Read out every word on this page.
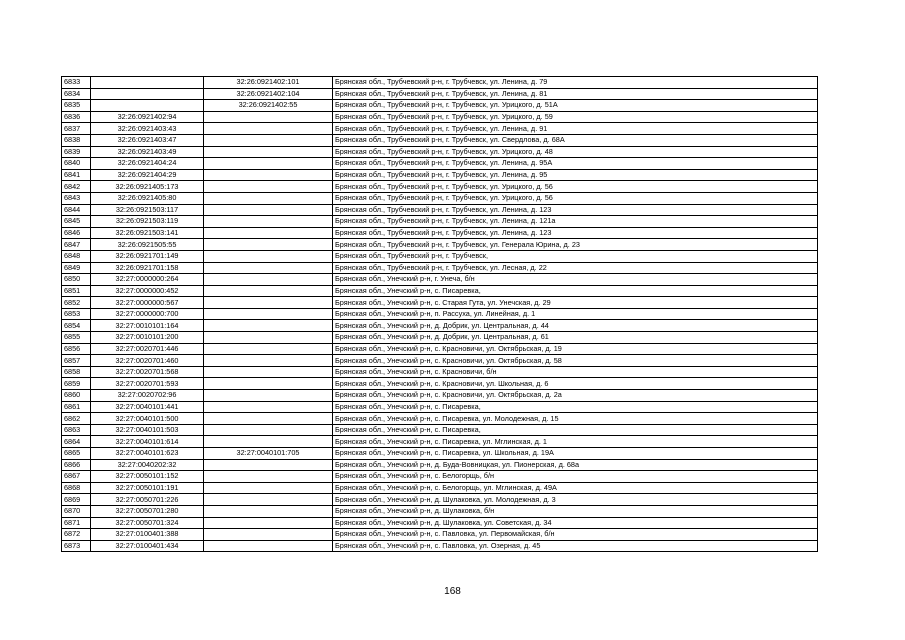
6833		32:26:0921402:101	Брянская обл., Трубчевский р-н, г. Трубчевск, ул. Ленина, д. 79
6834		32:26:0921402:104	Брянская обл., Трубчевский р-н, г. Трубчевск, ул. Ленина, д. 81
6835		32:26:0921402:55	Брянская обл., Трубчевский р-н, г. Трубчевск, ул. Урицкого, д. 51А
6836	32:26:0921402:94		Брянская обл., Трубчевский р-н, г. Трубчевск, ул. Урицкого, д. 59
6837	32:26:0921403:43		Брянская обл., Трубчевский р-н, г. Трубчевск, ул. Ленина, д. 91
6838	32:26:0921403:47		Брянская обл., Трубчевский р-н, г. Трубчевск, ул. Свердлова, д. 68А
6839	32:26:0921403:49		Брянская обл., Трубчевский р-н, г. Трубчевск, ул. Урицкого, д. 48
6840	32:26:0921404:24		Брянская обл., Трубчевский р-н, г. Трубчевск, ул. Ленина, д. 95А
6841	32:26:0921404:29		Брянская обл., Трубчевский р-н, г. Трубчевск, ул. Ленина, д. 95
6842	32:26:0921405:173		Брянская обл., Трубчевский р-н, г. Трубчевск, ул. Урицкого, д. 56
6843	32:26:0921405:80		Брянская обл., Трубчевский р-н, г. Трубчевск, ул. Урицкого, д. 56
6844	32:26:0921503:117		Брянская обл., Трубчевский р-н, г. Трубчевск, ул. Ленина, д. 123
6845	32:26:0921503:119		Брянская обл., Трубчевский р-н, г. Трубчевск, ул. Ленина, д. 121а
6846	32:26:0921503:141		Брянская обл., Трубчевский р-н, г. Трубчевск, ул. Ленина, д. 123
6847	32:26:0921505:55		Брянская обл., Трубчевский р-н, г. Трубчевск, ул. Генерала Юрина, д. 23
6848	32:26:0921701:149		Брянская обл., Трубчевский р-н, г. Трубчевск,
6849	32:26:0921701:158		Брянская обл., Трубчевский р-н, г. Трубчевск, ул. Лесная, д. 22
6850	32:27:0000000:264		Брянская обл., Унечский р-н, г. Унеча, б/н
6851	32:27:0000000:452		Брянская обл., Унечский р-н, с. Писаревка,
6852	32:27:0000000:567		Брянская обл., Унечский р-н, с. Старая Гута, ул. Унечская, д. 29
6853	32:27:0000000:700		Брянская обл., Унечский р-н, п. Рассуха, ул. Линейная, д. 1
6854	32:27:0010101:164		Брянская обл., Унечский р-н, д. Добрик, ул. Центральная, д. 44
6855	32:27:0010101:200		Брянская обл., Унечский р-н, д. Добрик, ул. Центральная, д. 61
6856	32:27:0020701:446		Брянская обл., Унечский р-н, с. Красновичи, ул. Октябрьская, д. 19
6857	32:27:0020701:460		Брянская обл., Унечский р-н, с. Красновичи, ул. Октябрьская, д. 58
6858	32:27:0020701:568		Брянская обл., Унечский р-н, с. Красновичи, б/н
6859	32:27:0020701:593		Брянская обл., Унечский р-н, с. Красновичи, ул. Школьная, д. 6
6860	32:27:0020702:96		Брянская обл., Унечский р-н, с. Красновичи, ул. Октябрьская, д. 2а
6861	32:27:0040101:441		Брянская обл., Унечский р-н, с. Писаревка,
6862	32:27:0040101:500		Брянская обл., Унечский р-н, с. Писаревка, ул. Молодежная, д. 15
6863	32:27:0040101:503		Брянская обл., Унечский р-н, с. Писаревка,
6864	32:27:0040101:614		Брянская обл., Унечский р-н, с. Писаревка, ул. Мглинская, д. 1
6865	32:27:0040101:623	32:27:0040101:705	Брянская обл., Унечский р-н, с. Писаревка, ул. Школьная, д. 19А
6866	32:27:0040202:32		Брянская обл., Унечский р-н, д. Буда-Вовницкая, ул. Пионерская, д. 68а
6867	32:27:0050101:152		Брянская обл., Унечский р-н, с. Белогорщь, б/н
6868	32:27:0050101:191		Брянская обл., Унечский р-н, с. Белогорщь, ул. Мглинская, д. 49А
6869	32:27:0050701:226		Брянская обл., Унечский р-н, д. Шулаковка, ул. Молодежная, д. 3
6870	32:27:0050701:280		Брянская обл., Унечский р-н, д. Шулаковка, б/н
6871	32:27:0050701:324		Брянская обл., Унечский р-н, д. Шулаковка, ул. Советская, д. 34
6872	32:27:0100401:388		Брянская обл., Унечский р-н, с. Павловка, ул. Первомайская, б/н
6873	32:27:0100401:434		Брянская обл., Унечский р-н, с. Павловка, ул. Озерная, д. 45
168
